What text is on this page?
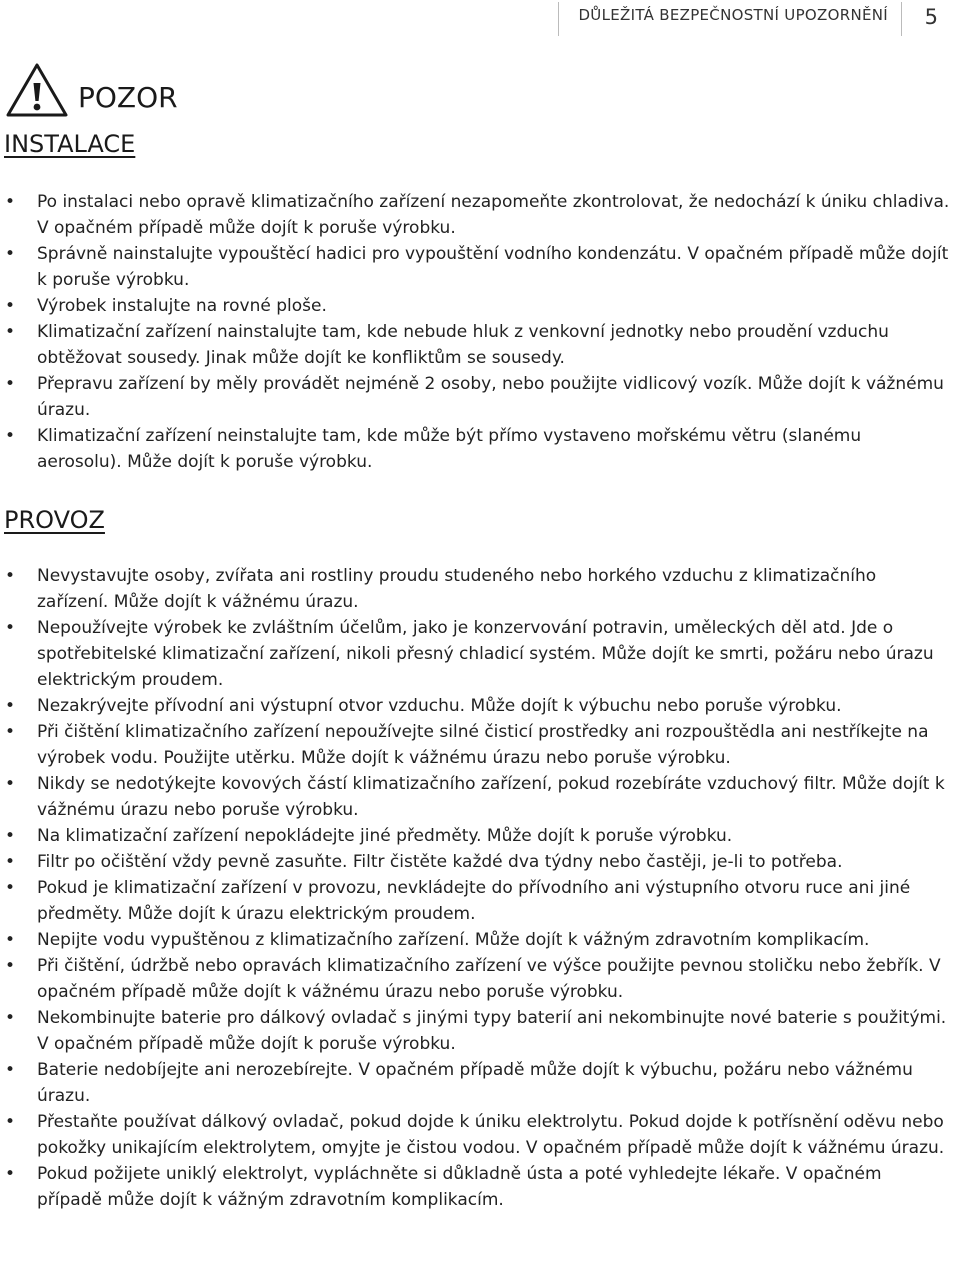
DŮLEŽITÁ BEZPEČNOSTNÍ UPOZORNĚNÍ 5
POZOR
INSTALACE
• Po instalaci nebo opravě klimatizačního zařízení nezapomeňte zkontrolovat, že nedochází k úniku chladiva. V opačném případě může dojít k poruše výrobku.
• Správně nainstalujte vypouštěcí hadici pro vypouštění vodního kondenzátu. V opačném případě může dojít k poruše výrobku.
• Výrobek instalujte na rovné ploše.
• Klimatizační zařízení nainstalujte tam, kde nebude hluk z venkovní jednotky nebo proudění vzduchu obtěžovat sousedy. Jinak může dojít ke konfliktům se sousedy.
• Přepravu zařízení by měly provádět nejméně 2 osoby, nebo použijte vidlicový vozík. Může dojít k vážnému úrazu.
• Klimatizační zařízení neinstalujte tam, kde může být přímo vystaveno mořskému větru (slanému aerosolu). Může dojít k poruše výrobku.
PROVOZ
• Nevystavujte osoby, zvířata ani rostliny proudu studeného nebo horkého vzduchu z klimatizačního zařízení. Může dojít k vážnému úrazu.
• Nepoužívejte výrobek ke zvláštním účelům, jako je konzervování potravin, uměleckých děl atd. Jde o spotřebitelské klimatizační zařízení, nikoli přesný chladicí systém. Může dojít ke smrti, požáru nebo úrazu elektrickým proudem.
• Nezakrývejte přívodní ani výstupní otvor vzduchu. Může dojít k výbuchu nebo poruše výrobku.
• Při čištění klimatizačního zařízení nepoužívejte silné čisticí prostředky ani rozpouštědla ani nestříkejte na výrobek vodu. Použijte utěrku. Může dojít k vážnému úrazu nebo poruše výrobku.
• Nikdy se nedotýkejte kovových částí klimatizačního zařízení, pokud rozebíráte vzduchový filtr. Může dojít k vážnému úrazu nebo poruše výrobku.
• Na klimatizační zařízení nepokládejte jiné předměty. Může dojít k poruše výrobku.
• Filtr po očištění vždy pevně zasuňte. Filtr čistěte každé dva týdny nebo častěji, je-li to potřeba.
• Pokud je klimatizační zařízení v provozu, nevkládejte do přívodního ani výstupního otvoru ruce ani jiné předměty. Může dojít k úrazu elektrickým proudem.
• Nepijte vodu vypuštěnou z klimatizačního zařízení. Může dojít k vážným zdravotním komplikacím.
• Při čištění, údržbě nebo opravách klimatizačního zařízení ve výšce použijte pevnou stoličku nebo žebřík. V opačném případě může dojít k vážnému úrazu nebo poruše výrobku.
• Nekombinujte baterie pro dálkový ovladač s jinými typy baterií ani nekombinujte nové baterie s použitými. V opačném případě může dojít k poruše výrobku.
• Baterie nedobíjejte ani nerozebírejte. V opačném případě může dojít k výbuchu, požáru nebo vážnému úrazu.
• Přestaňte používat dálkový ovladač, pokud dojde k úniku elektrolytu. Pokud dojde k potřísnění oděvu nebo pokožky unikajícím elektrolytem, omyjte je čistou vodou. V opačném případě může dojít k vážnému úrazu.
• Pokud požijete uniklý elektrolyt, vypláchněte si důkladně ústa a poté vyhledejte lékaře. V opačném případě může dojít k vážným zdravotním komplikacím.
